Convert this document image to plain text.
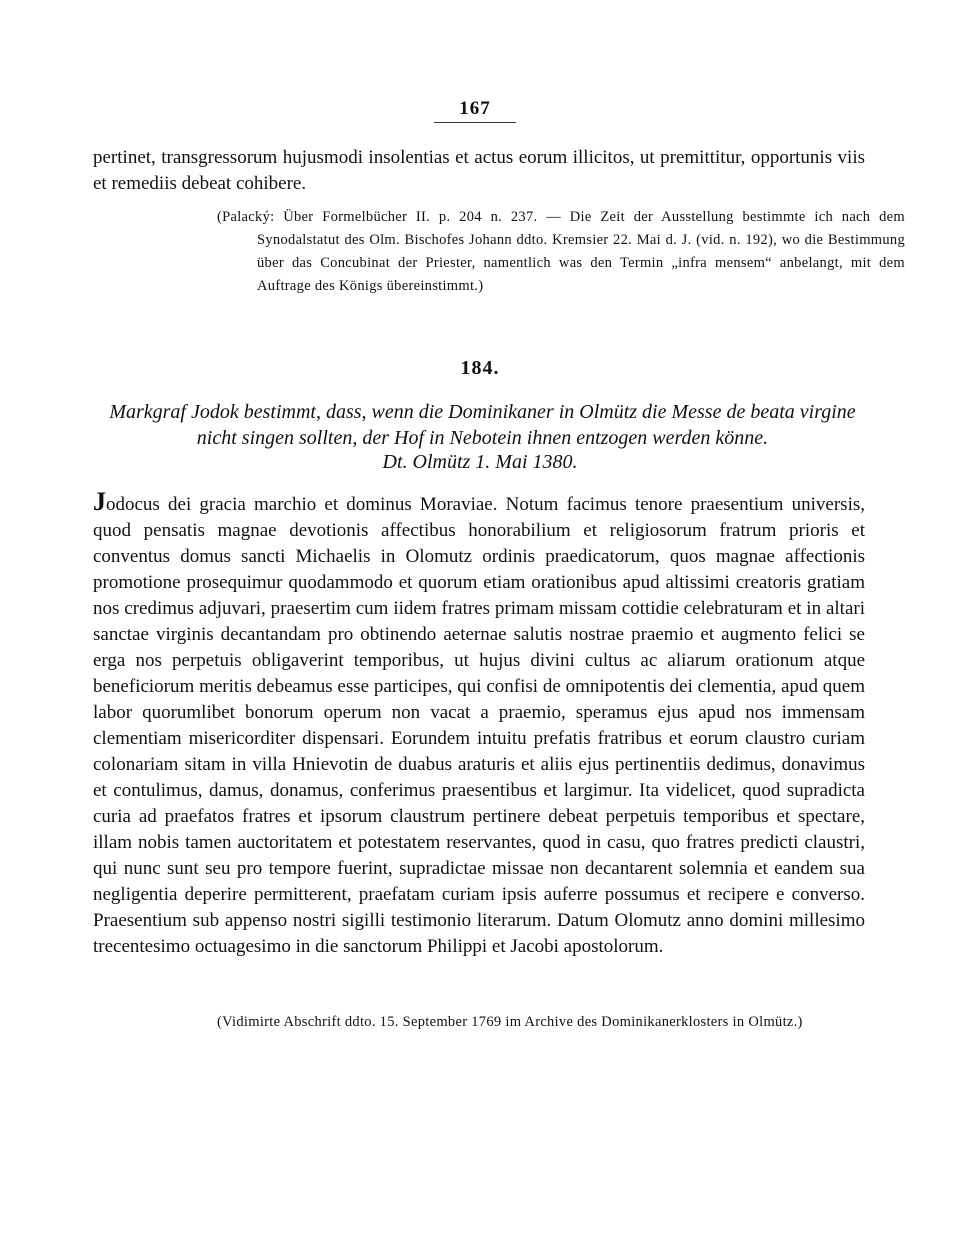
167

pertinet, transgressorum hujusmodi insolentias et actus eorum illicitos, ut premittitur, opportunis viis et remediis debeat cohibere.

(Palacký: Über Formelbücher II. p. 204 n. 237. — Die Zeit der Ausstellung bestimmte ich nach dem Synodalstatut des Olm. Bischofes Johann ddto. Kremsier 22. Mai d. J. (vid. n. 192), wo die Bestimmung über das Concubinat der Priester, namentlich was den Termin „infra mensem“ anbelangt, mit dem Auftrage des Königs übereinstimmt.)

184.

Markgraf Jodok bestimmt, dass, wenn die Dominikaner in Olmütz die Messe de beata virgine nicht singen sollten, der Hof in Nebotein ihnen entzogen werden könne.

Dt. Olmütz 1. Mai 1380.

Jodocus dei gracia marchio et dominus Moraviae. Notum facimus tenore praesentium universis, quod pensatis magnae devotionis affectibus honorabilium et religiosorum fratrum prioris et conventus domus sancti Michaelis in Olomutz ordinis praedicatorum, quos magnae affectionis promotione prosequimur quodammodo et quorum etiam orationibus apud altissimi creatoris gratiam nos credimus adjuvari, praesertim cum iidem fratres primam missam cottidie celebraturam et in altari sanctae virginis decantandam pro obtinendo aeternae salutis nostrae praemio et augmento felici se erga nos perpetuis obligaverint temporibus, ut hujus divini cultus ac aliarum orationum atque beneficiorum meritis debeamus esse participes, qui confisi de omnipotentis dei clementia, apud quem labor quorumlibet bonorum operum non vacat a praemio, speramus ejus apud nos immensam clementiam misericorditer dispensari. Eorundem intuitu prefatis fratribus et eorum claustro curiam colonariam sitam in villa Hnievotin de duabus araturis et aliis ejus pertinentiis dedimus, donavimus et contulimus, damus, donamus, conferimus praesentibus et largimur. Ita videlicet, quod supradicta curia ad praefatos fratres et ipsorum claustrum pertinere debeat perpetuis temporibus et spectare, illam nobis tamen auctoritatem et potestatem reservantes, quod in casu, quo fratres predicti claustri, qui nunc sunt seu pro tempore fuerint, supradictae missae non decantarent solemnia et eandem sua negligentia deperire permitterent, praefatam curiam ipsis auferre possumus et recipere e converso. Praesentium sub appenso nostri sigilli testimonio literarum. Datum Olomutz anno domini millesimo trecentesimo octuagesimo in die sanctorum Philippi et Jacobi apostolorum.

(Vidimirte Abschrift ddto. 15. September 1769 im Archive des Dominikanerklosters in Olmütz.)
